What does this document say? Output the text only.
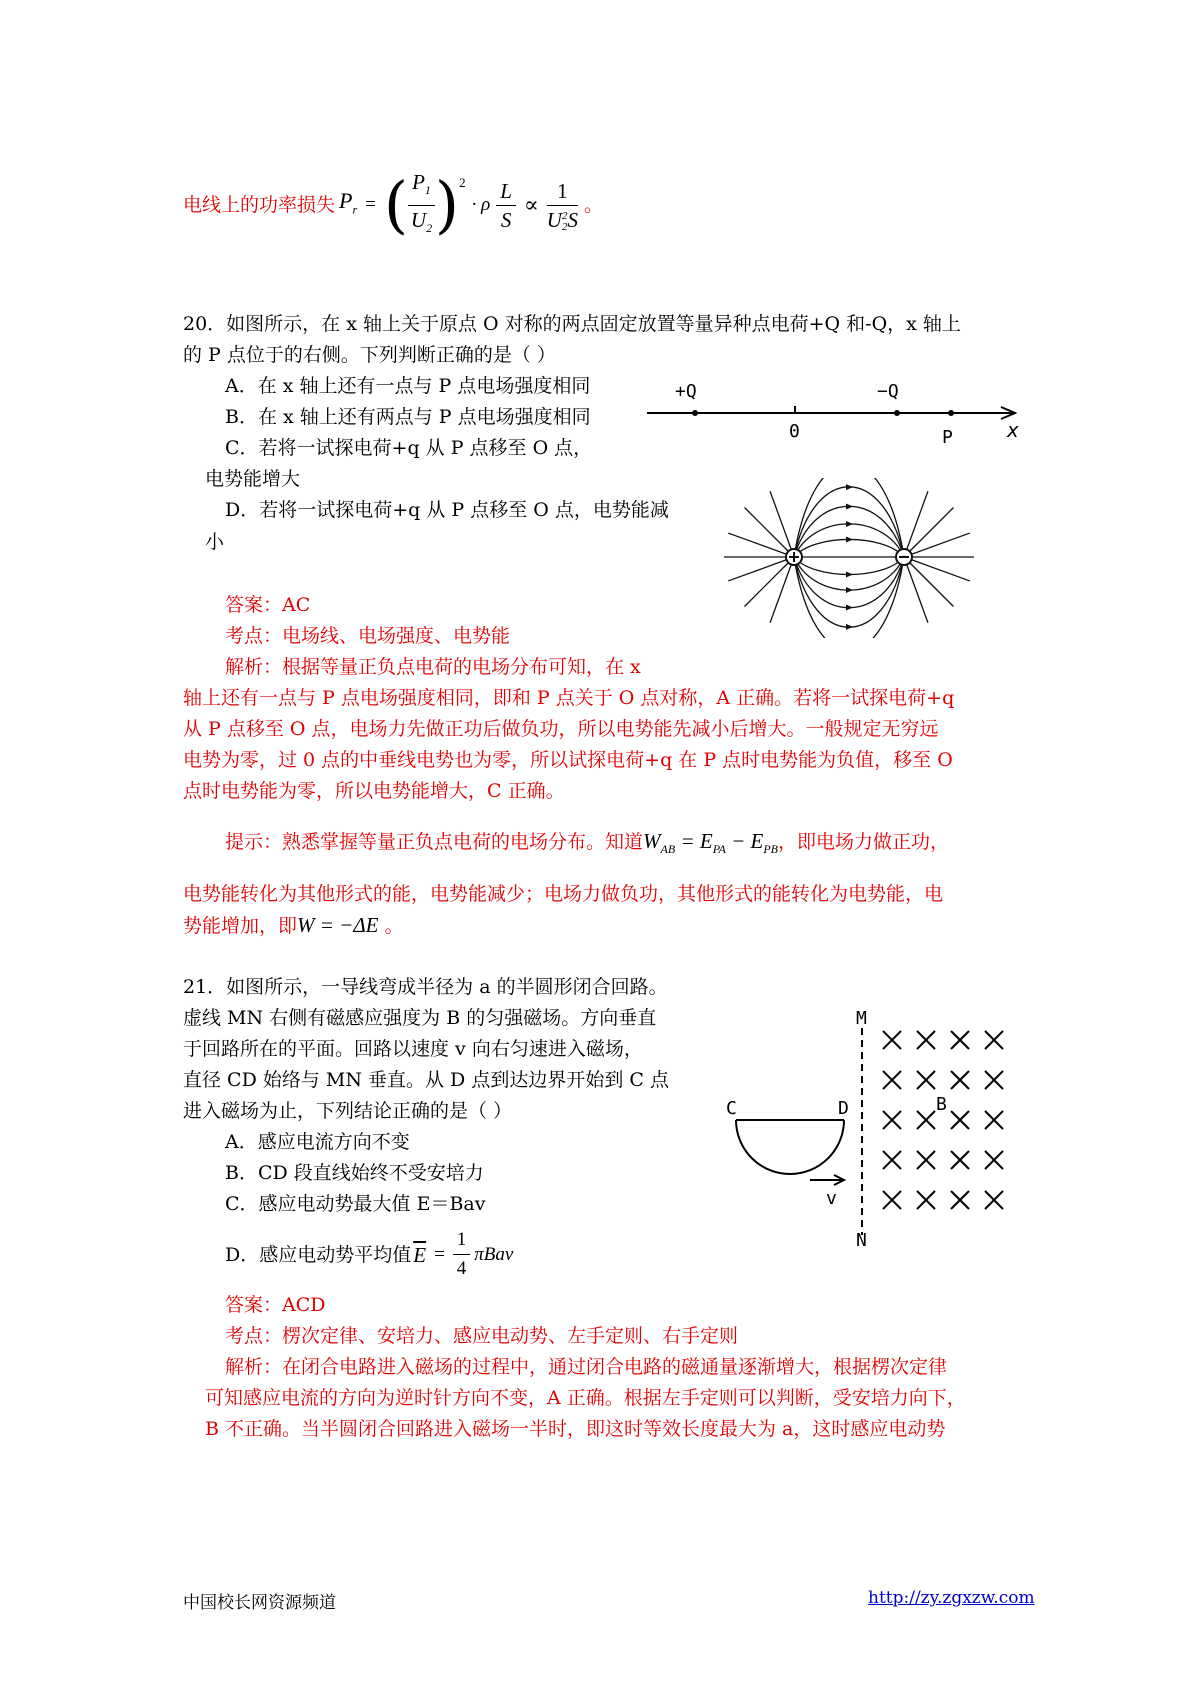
电线上的功率损失 $P_r$ = ( $\frac{P_1}{U_2} )^2$
· ρ $\frac{L}{S} \propto 1$
U 2
2 S 。
20．如图所示，在 x 轴上关于原点 O 对称的两点固定放置等量异种点电荷+Q 和-Q，x 轴上
的 P 点位于的右侧。下列判断正确的是（ ）
A．在 x 轴上还有一点与 P 点电场强度相同
B．在 x 轴上还有两点与 P 点电场强度相同
C．若将一试探电荷+q 从 P 点移至 O 点，
电势能增大
D．若将一试探电荷+q 从 P 点移至 O 点，电势能减
小
+Q	−Q
0	P	x
答案：AC
考点：电场线、电场强度、电势能
解析：根据等量正负点电荷的电场分布可知，在 x
轴上还有一点与 P 点电场强度相同，即和 P 点关于 O 点对称，A 正确。若将一试探电荷+q
从 P 点移至 O 点，电场力先做正功后做负功，所以电势能先减小后增大。一般规定无穷远
电势为零，过 0 点的中垂线电势也为零，所以试探电荷+q 在 P 点时电势能为负值，移至 O
点时电势能为零，所以电势能增大，C 正确。
提示：熟悉掌握等量正负点电荷的电场分布。知道$W_{AB} = E_{PA} - E_{PB}$，即电场力做正功，
电势能转化为其他形式的能，电势能减少；电场力做负功，其他形式的能转化为电势能，电
势能增加，即W = −ΔE 。
21．如图所示，一导线弯成半径为 a 的半圆形闭合回路。
虚线 MN 右侧有磁感应强度为 B 的匀强磁场。方向垂直
于回路所在的平面。回路以速度 v 向右匀速进入磁场，
直径 CD 始络与 MN 垂直。从 D 点到达边界开始到 C 点
进入磁场为止，下列结论正确的是（ ）
A．感应电流方向不变
B．CD 段直线始终不受安培力
C．感应电动势最大值 E＝Bav
D．感应电动势平均值 $\overline{E} = \frac{1}{4}$ πBav
M
N
C	D
v
B
答案：ACD
考点：楞次定律、安培力、感应电动势、左手定则、右手定则
解析：在闭合电路进入磁场的过程中，通过闭合电路的磁通量逐渐增大，根据楞次定律
可知感应电流的方向为逆时针方向不变，A 正确。根据左手定则可以判断，受安培力向下，
B 不正确。当半圆闭合回路进入磁场一半时，即这时等效长度最大为 a，这时感应电动势
中国校长网资源频道	http://zy.zgxzw.com
